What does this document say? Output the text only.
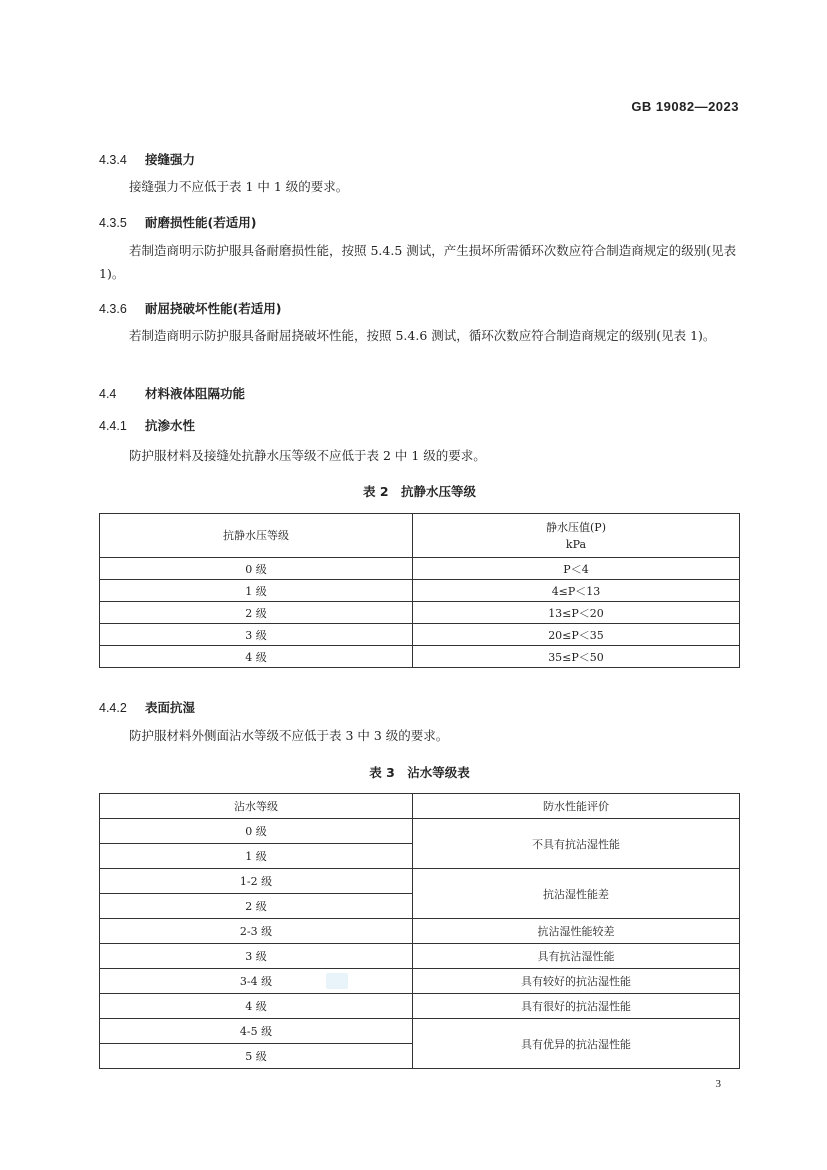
GB 19082—2023
4.3.4 接缝强力
接缝强力不应低于表 1 中 1 级的要求。
4.3.5 耐磨损性能(若适用)
若制造商明示防护服具备耐磨损性能，按照 5.4.5 测试，产生损坏所需循环次数应符合制造商规定的级别(见表 1)。
4.3.6 耐屈挠破坏性能(若适用)
若制造商明示防护服具备耐屈挠破坏性能，按照 5.4.6 测试，循环次数应符合制造商规定的级别(见表 1)。
4.4 材料液体阻隔功能
4.4.1 抗渗水性
防护服材料及接缝处抗静水压等级不应低于表 2 中 1 级的要求。
表 2　抗静水压等级
抗静水压等级	静水压值(P)
kPa

0 级	P＜4
1 级	4≤P＜13
2 级	13≤P＜20
3 级	20≤P＜35
4 级	35≤P＜50
4.4.2 表面抗湿
防护服材料外侧面沾水等级不应低于表 3 中 3 级的要求。
表 3　沾水等级表
沾水等级	防水性能评价
0 级	不具有抗沾湿性能
1 级	
1-2 级	抗沾湿性能差
2 级	
2-3 级	抗沾湿性能较差
3 级	具有抗沾湿性能
3-4 级	具有较好的抗沾湿性能
4 级	具有很好的抗沾湿性能
4-5 级	具有优异的抗沾湿性能
5 级	
3
